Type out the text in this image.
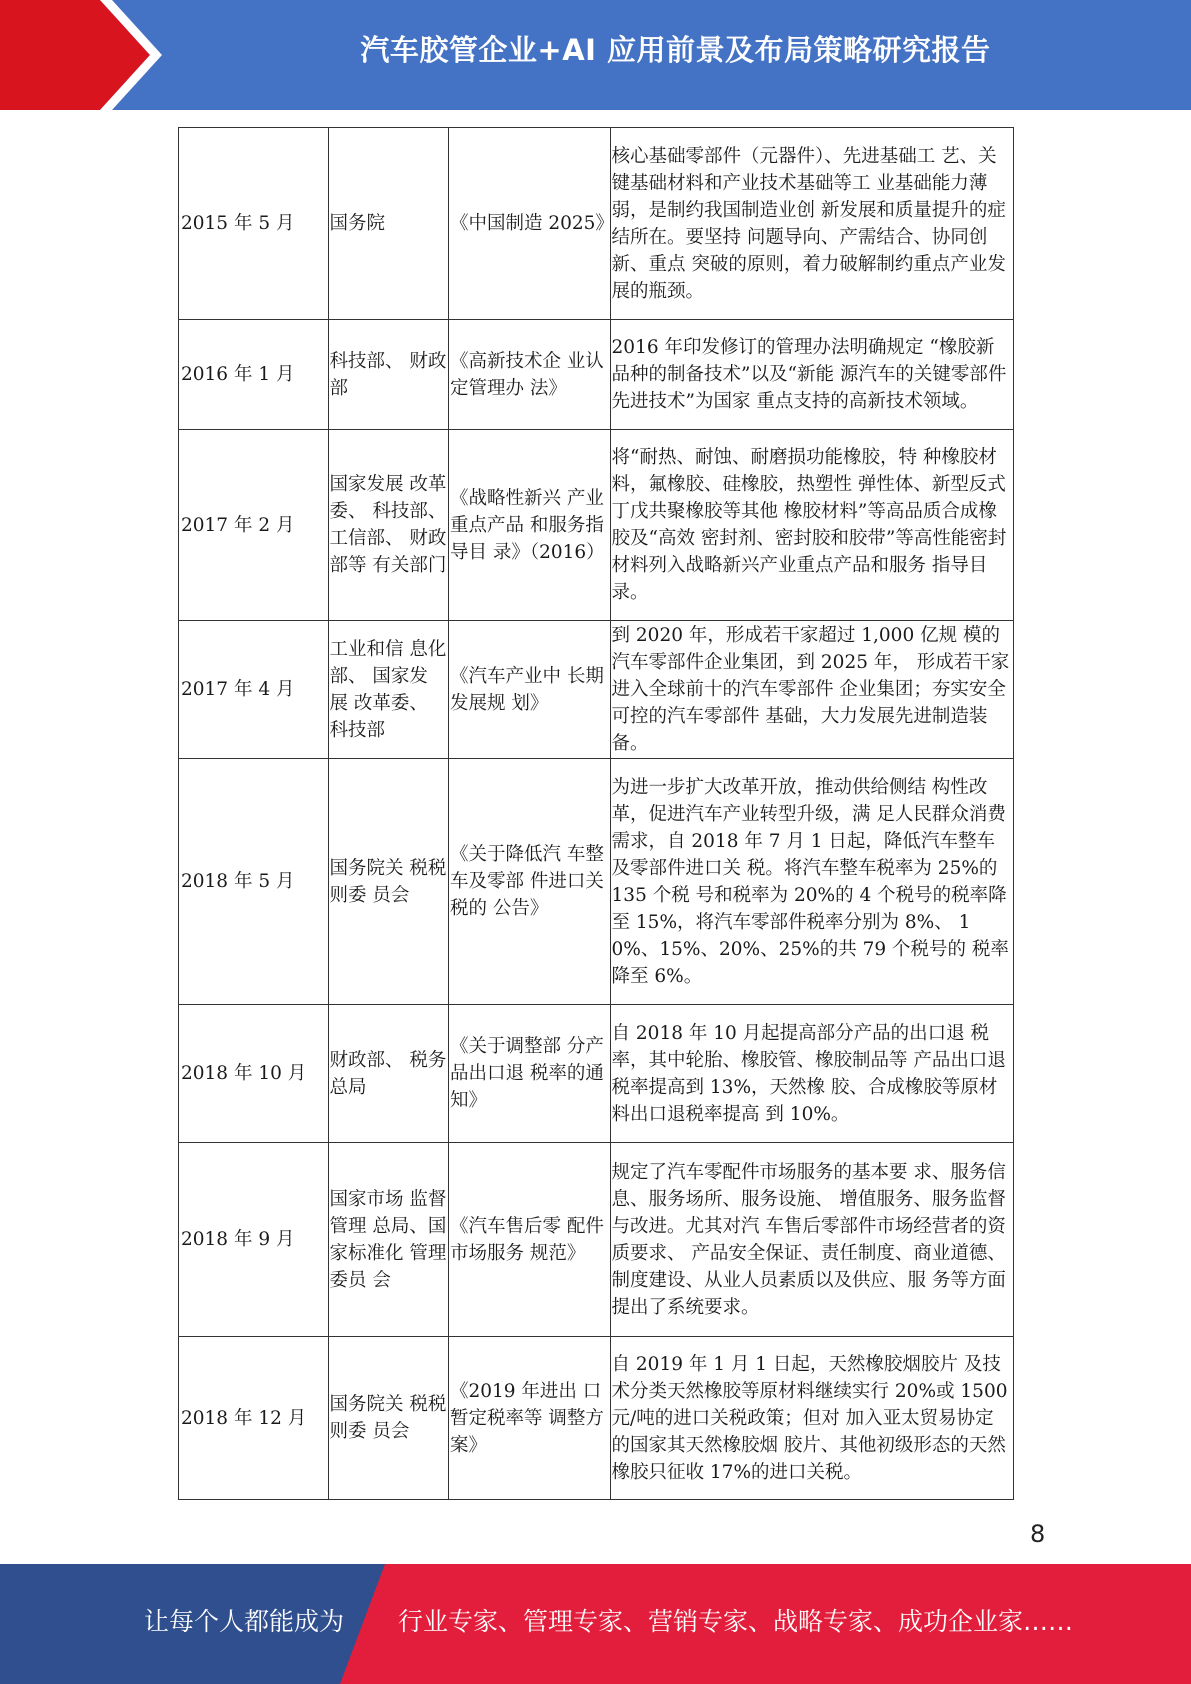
汽车胶管企业+AI 应用前景及布局策略研究报告
2015 年 5 月	国务院	《中国制造 2025》	核心基础零部件（元器件）、先进基础工 艺、关键基础材料和产业技术基础等工 业基础能力薄弱，是制约我国制造业创 新发展和质量提升的症结所在。要坚持 问题导向、产需结合、协同创新、重点 突破的原则，着力破解制约重点产业发 展的瓶颈。
2016 年 1 月	科技部、 财政部	《高新技术企 业认定管理办 法》	2016 年印发修订的管理办法明确规定 “橡胶新品种的制备技术”以及“新能 源汽车的关键零部件先进技术”为国家 重点支持的高新技术领域。
2017 年 2 月	国家发展 改革委、 科技部、 工信部、 财政部等 有关部门	《战略性新兴 产业重点产品 和服务指导目 录》（2016）	将“耐热、耐蚀、耐磨损功能橡胶，特 种橡胶材料，氟橡胶、硅橡胶，热塑性 弹性体、新型反式丁戊共聚橡胶等其他 橡胶材料”等高品质合成橡胶及“高效 密封剂、密封胶和胶带”等高性能密封 材料列入战略新兴产业重点产品和服务 指导目录。
2017 年 4 月	工业和信 息化部、 国家发 展 改革委、 科技部	《汽车产业中 长期发展规 划》	到 2020 年，形成若干家超过 1,000 亿规 模的汽车零部件企业集团，到 2025 年， 形成若干家进入全球前十的汽车零部件 企业集团；夯实安全可控的汽车零部件 基础，大力发展先进制造装备。
2018 年 5 月	国务院关 税税则委 员会	《关于降低汽 车整车及零部 件进口关税的 公告》	为进一步扩大改革开放，推动供给侧结 构性改革，促进汽车产业转型升级，满 足人民群众消费需求，自 2018 年 7 月 1 日起，降低汽车整车及零部件进口关 税。将汽车整车税率为 25%的 135 个税 号和税率为 20%的 4 个税号的税率降至 15%，将汽车零部件税率分别为 8%、 10%、15%、20%、25%的共 79 个税号的 税率降至 6%。
2018 年 10 月	财政部、 税务总局	《关于调整部 分产品出口退 税率的通知》	自 2018 年 10 月起提高部分产品的出口退 税率，其中轮胎、橡胶管、橡胶制品等 产品出口退税率提高到 13%，天然橡 胶、合成橡胶等原材料出口退税率提高 到 10%。
2018 年 9 月	国家市场 监督管理 总局、国 家标准化 管理委员 会	《汽车售后零 配件市场服务 规范》	规定了汽车零配件市场服务的基本要 求、服务信息、服务场所、服务设施、 增值服务、服务监督与改进。尤其对汽 车售后零部件市场经营者的资质要求、 产品安全保证、责任制度、商业道德、 制度建设、从业人员素质以及供应、服 务等方面提出了系统要求。
2018 年 12 月	国务院关 税税则委 员会	《2019 年进出 口暂定税率等 调整方案》	自 2019 年 1 月 1 日起，天然橡胶烟胶片 及技术分类天然橡胶等原材料继续实行 20%或 1500 元/吨的进口关税政策；但对 加入亚太贸易协定的国家其天然橡胶烟 胶片、其他初级形态的天然橡胶只征收 17%的进口关税。
8
让每个人都能成为 行业专家、管理专家、营销专家、战略专家、成功企业家……
